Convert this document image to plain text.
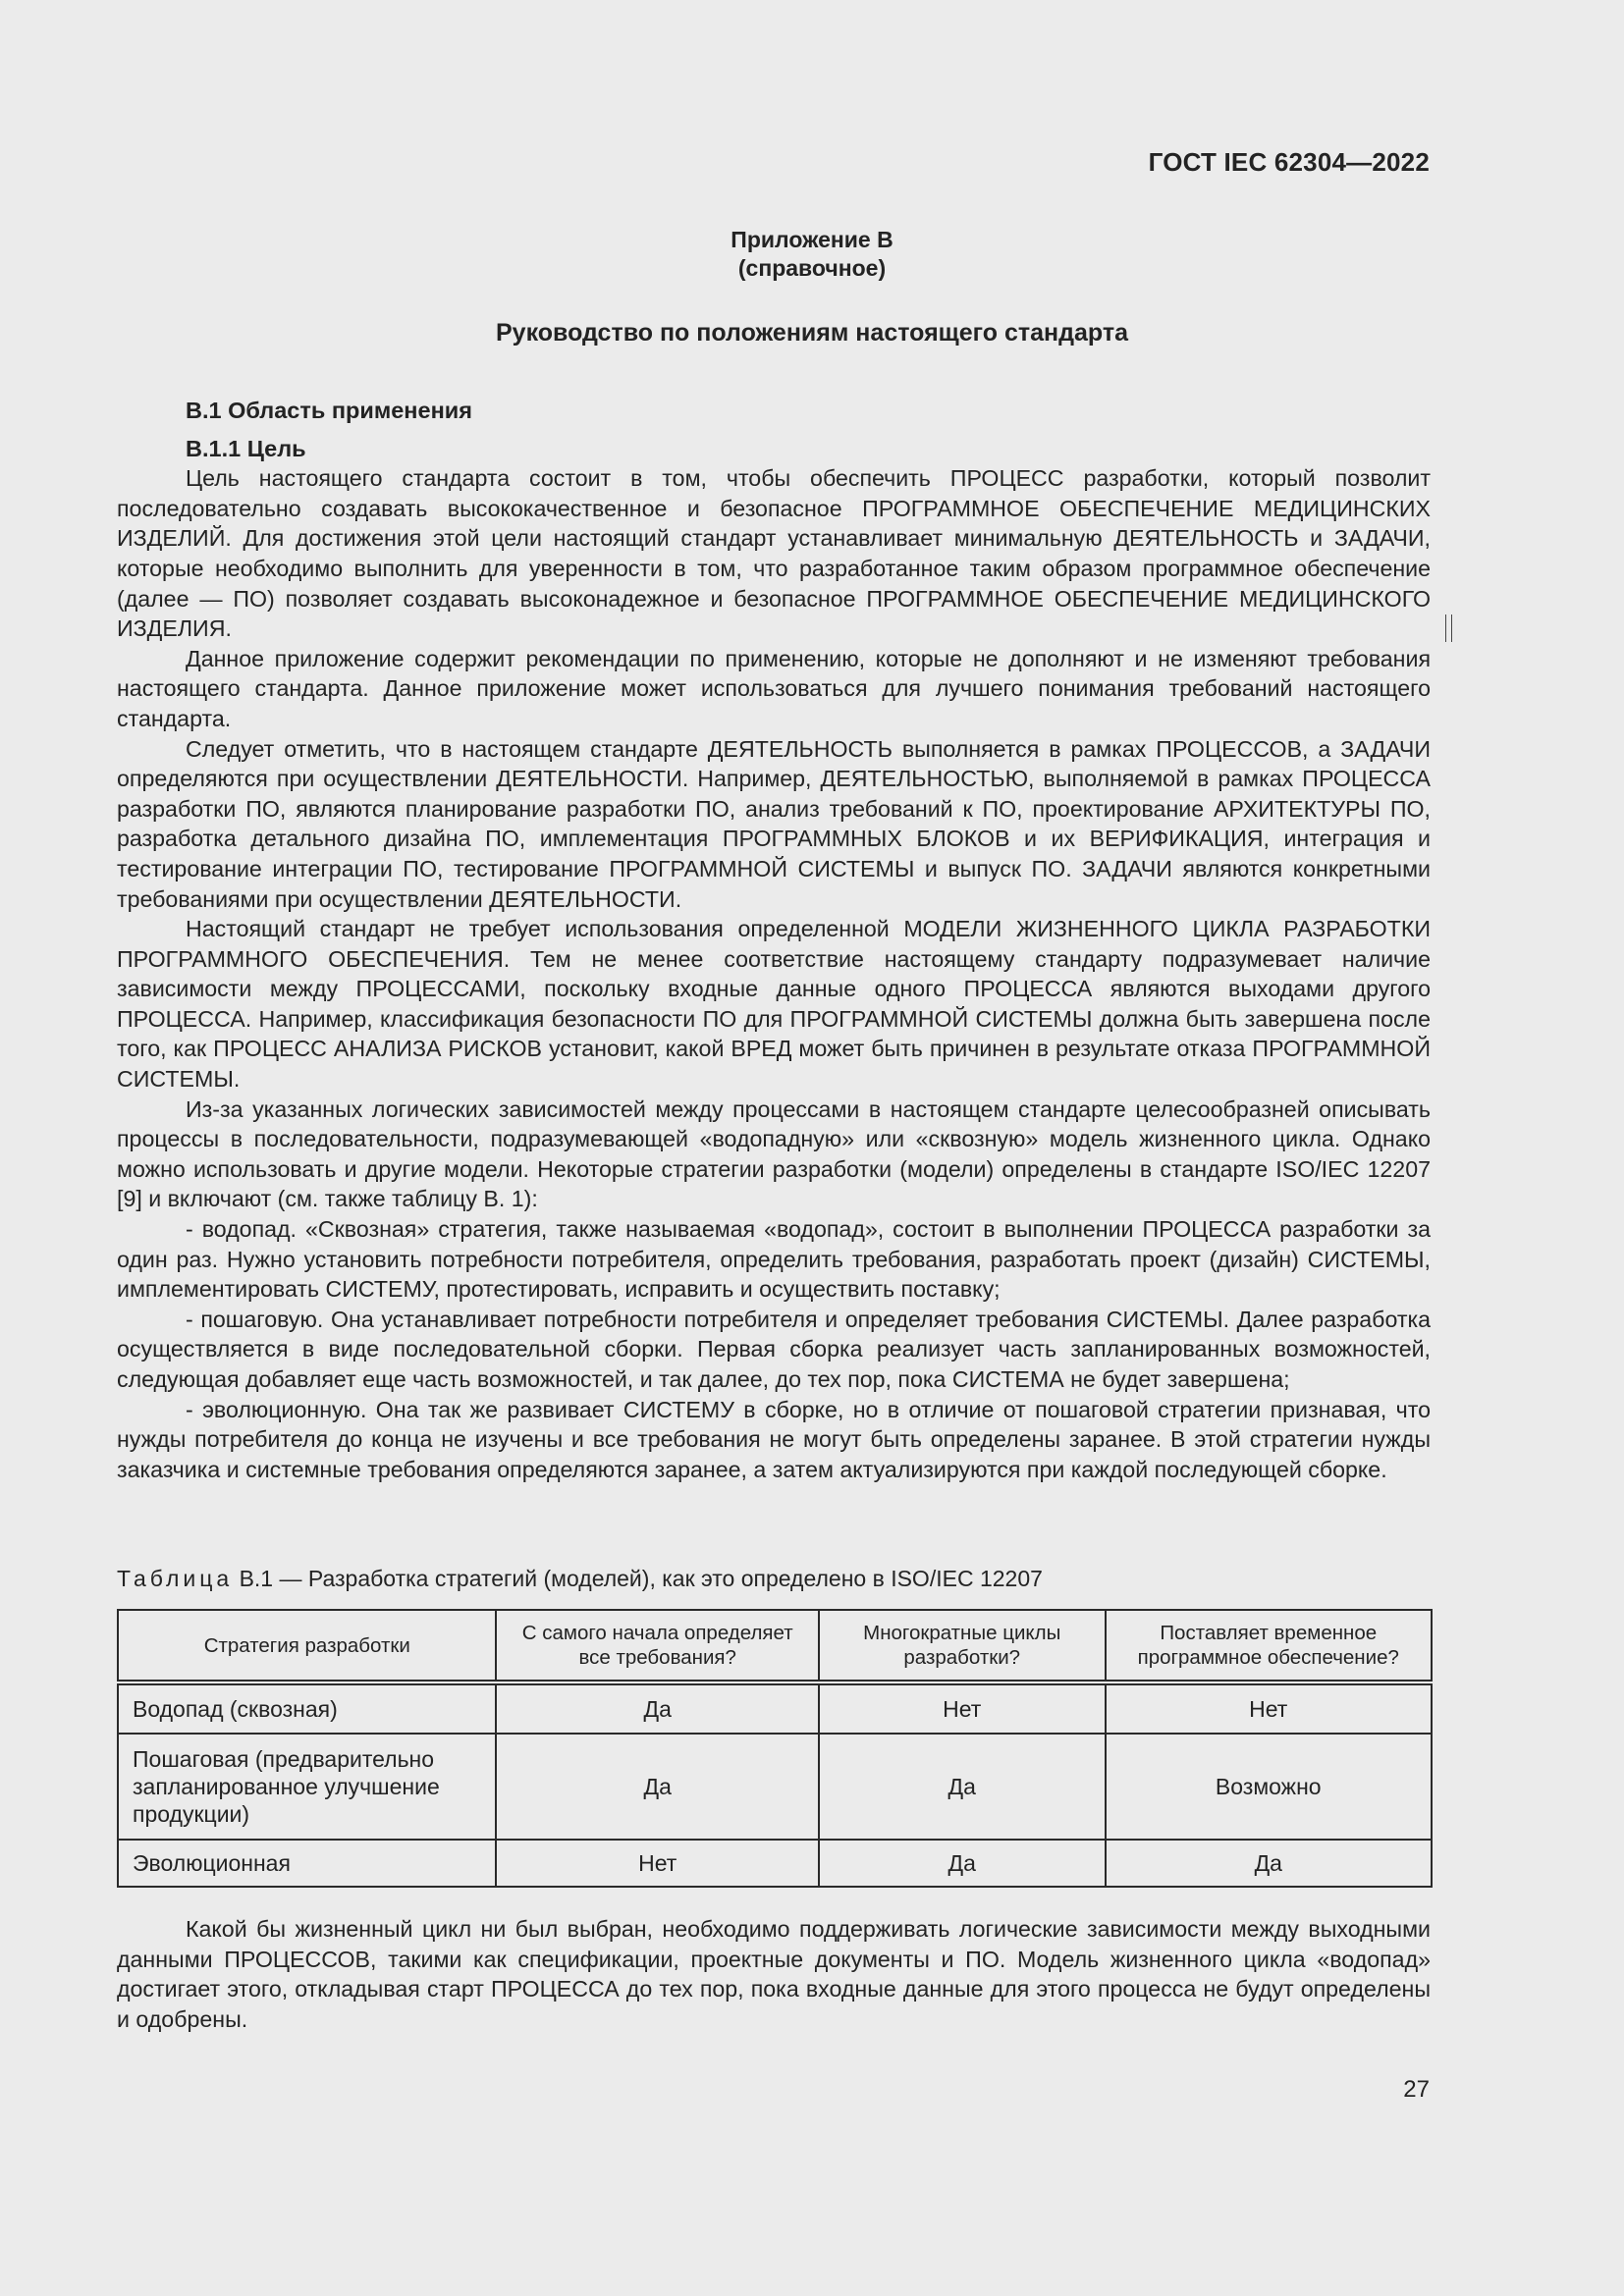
ГОСТ IEC 62304—2022
Приложение В
(справочное)
Руководство по положениям настоящего стандарта
В.1 Область применения
В.1.1 Цель

Цель настоящего стандарта состоит в том, чтобы обеспечить ПРОЦЕСС разработки, который позволит последовательно создавать высококачественное и безопасное ПРОГРАММНОЕ ОБЕСПЕЧЕНИЕ МЕДИЦИНСКИХ ИЗДЕЛИЙ. Для достижения этой цели настоящий стандарт устанавливает минимальную ДЕЯТЕЛЬНОСТЬ и ЗАДАЧИ, которые необходимо выполнить для уверенности в том, что разработанное таким образом программное обеспечение (далее — ПО) позволяет создавать высоконадежное и безопасное ПРОГРАММНОЕ ОБЕСПЕЧЕНИЕ МЕДИЦИНСКОГО ИЗДЕЛИЯ.

Данное приложение содержит рекомендации по применению, которые не дополняют и не изменяют требования настоящего стандарта. Данное приложение может использоваться для лучшего понимания требований настоящего стандарта.

Следует отметить, что в настоящем стандарте ДЕЯТЕЛЬНОСТЬ выполняется в рамках ПРОЦЕССОВ, а ЗАДАЧИ определяются при осуществлении ДЕЯТЕЛЬНОСТИ. Например, ДЕЯТЕЛЬНОСТЬЮ, выполняемой в рамках ПРОЦЕССА разработки ПО, являются планирование разработки ПО, анализ требований к ПО, проектирование АРХИТЕКТУРЫ ПО, разработка детального дизайна ПО, имплементация ПРОГРАММНЫХ БЛОКОВ и их ВЕРИФИКАЦИЯ, интеграция и тестирование интеграции ПО, тестирование ПРОГРАММНОЙ СИСТЕМЫ и выпуск ПО. ЗАДАЧИ являются конкретными требованиями при осуществлении ДЕЯТЕЛЬНОСТИ.

Настоящий стандарт не требует использования определенной МОДЕЛИ ЖИЗНЕННОГО ЦИКЛА РАЗРАБОТКИ ПРОГРАММНОГО ОБЕСПЕЧЕНИЯ. Тем не менее соответствие настоящему стандарту подразумевает наличие зависимости между ПРОЦЕССАМИ, поскольку входные данные одного ПРОЦЕССА являются выходами другого ПРОЦЕССА. Например, классификация безопасности ПО для ПРОГРАММНОЙ СИСТЕМЫ должна быть завершена после того, как ПРОЦЕСС АНАЛИЗА РИСКОВ установит, какой ВРЕД может быть причинен в результате отказа ПРОГРАММНОЙ СИСТЕМЫ.

Из-за указанных логических зависимостей между процессами в настоящем стандарте целесообразней описывать процессы в последовательности, подразумевающей «водопадную» или «сквозную» модель жизненного цикла. Однако можно использовать и другие модели. Некоторые стратегии разработки (модели) определены в стандарте ISO/IEC 12207 [9] и включают (см. также таблицу В. 1):

- водопад. «Сквозная» стратегия, также называемая «водопад», состоит в выполнении ПРОЦЕССА разработки за один раз. Нужно установить потребности потребителя, определить требования, разработать проект (дизайн) СИСТЕМЫ, имплементировать СИСТЕМУ, протестировать, исправить и осуществить поставку;

- пошаговую. Она устанавливает потребности потребителя и определяет требования СИСТЕМЫ. Далее разработка осуществляется в виде последовательной сборки. Первая сборка реализует часть запланированных возможностей, следующая добавляет еще часть возможностей, и так далее, до тех пор, пока СИСТЕМА не будет завершена;

- эволюционную. Она так же развивает СИСТЕМУ в сборке, но в отличие от пошаговой стратегии признавая, что нужды потребителя до конца не изучены и все требования не могут быть определены заранее. В этой стратегии нужды заказчика и системные требования определяются заранее, а затем актуализируются при каждой последующей сборке.

Таблица В.1 — Разработка стратегий (моделей), как это определено в ISO/IEC 12207
Стратегия разработки	С самого начала определяет все требования?	Многократные циклы разработки?	Поставляет временное программное обеспечение?
Водопад (сквозная)	Да	Нет	Нет
Пошаговая (предварительно запланированное улучшение продукции)	Да	Да	Возможно
Эволюционная	Нет	Да	Да

Какой бы жизненный цикл ни был выбран, необходимо поддерживать логические зависимости между выходными данными ПРОЦЕССОВ, такими как спецификации, проектные документы и ПО. Модель жизненного цикла «водопад» достигает этого, откладывая старт ПРОЦЕССА до тех пор, пока входные данные для этого процесса не будут определены и одобрены.

27
